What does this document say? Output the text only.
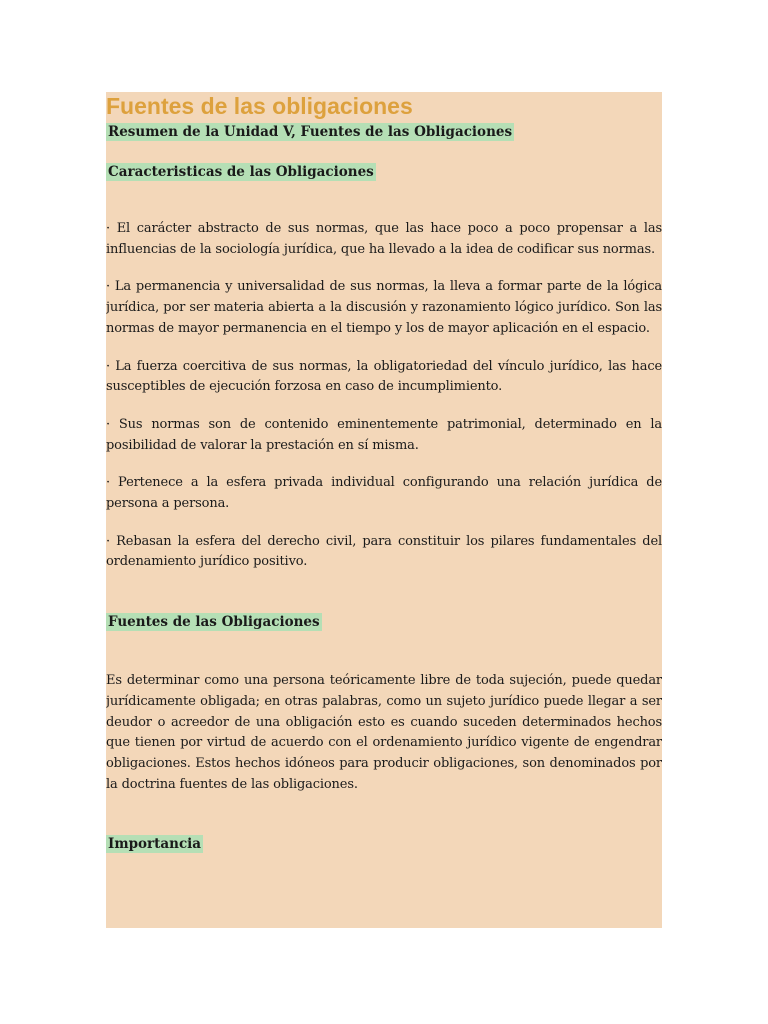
Fuentes de las obligaciones

Resumen de la Unidad V, Fuentes de las Obligaciones

Caracteristicas de las Obligaciones

· El carácter abstracto de sus normas, que las hace poco a poco propensar a las influencias de la sociología jurídica, que ha llevado a la idea de codificar sus normas.

· La permanencia y universalidad de sus normas, la lleva a formar parte de la lógica jurídica, por ser materia abierta a la discusión y razonamiento lógico jurídico. Son las normas de mayor permanencia en el tiempo y los de mayor aplicación en el espacio.

· La fuerza coercitiva de sus normas, la obligatoriedad del vínculo jurídico, las hace susceptibles de ejecución forzosa en caso de incumplimiento.

· Sus normas son de contenido eminentemente patrimonial, determinado en la posibilidad de valorar la prestación en sí misma.

· Pertenece a la esfera privada individual configurando una relación jurídica de persona a persona.

· Rebasan la esfera del derecho civil, para constituir los pilares fundamentales del ordenamiento jurídico positivo.

Fuentes de las Obligaciones

Es determinar como una persona teóricamente libre de toda sujeción, puede quedar jurídicamente obligada; en otras palabras, como un sujeto jurídico puede llegar a ser deudor o acreedor de una obligación esto es cuando suceden determinados hechos que tienen por virtud de acuerdo con el ordenamiento jurídico vigente de engendrar obligaciones. Estos hechos idóneos para producir obligaciones, son denominados por la doctrina fuentes de las obligaciones.

Importancia
